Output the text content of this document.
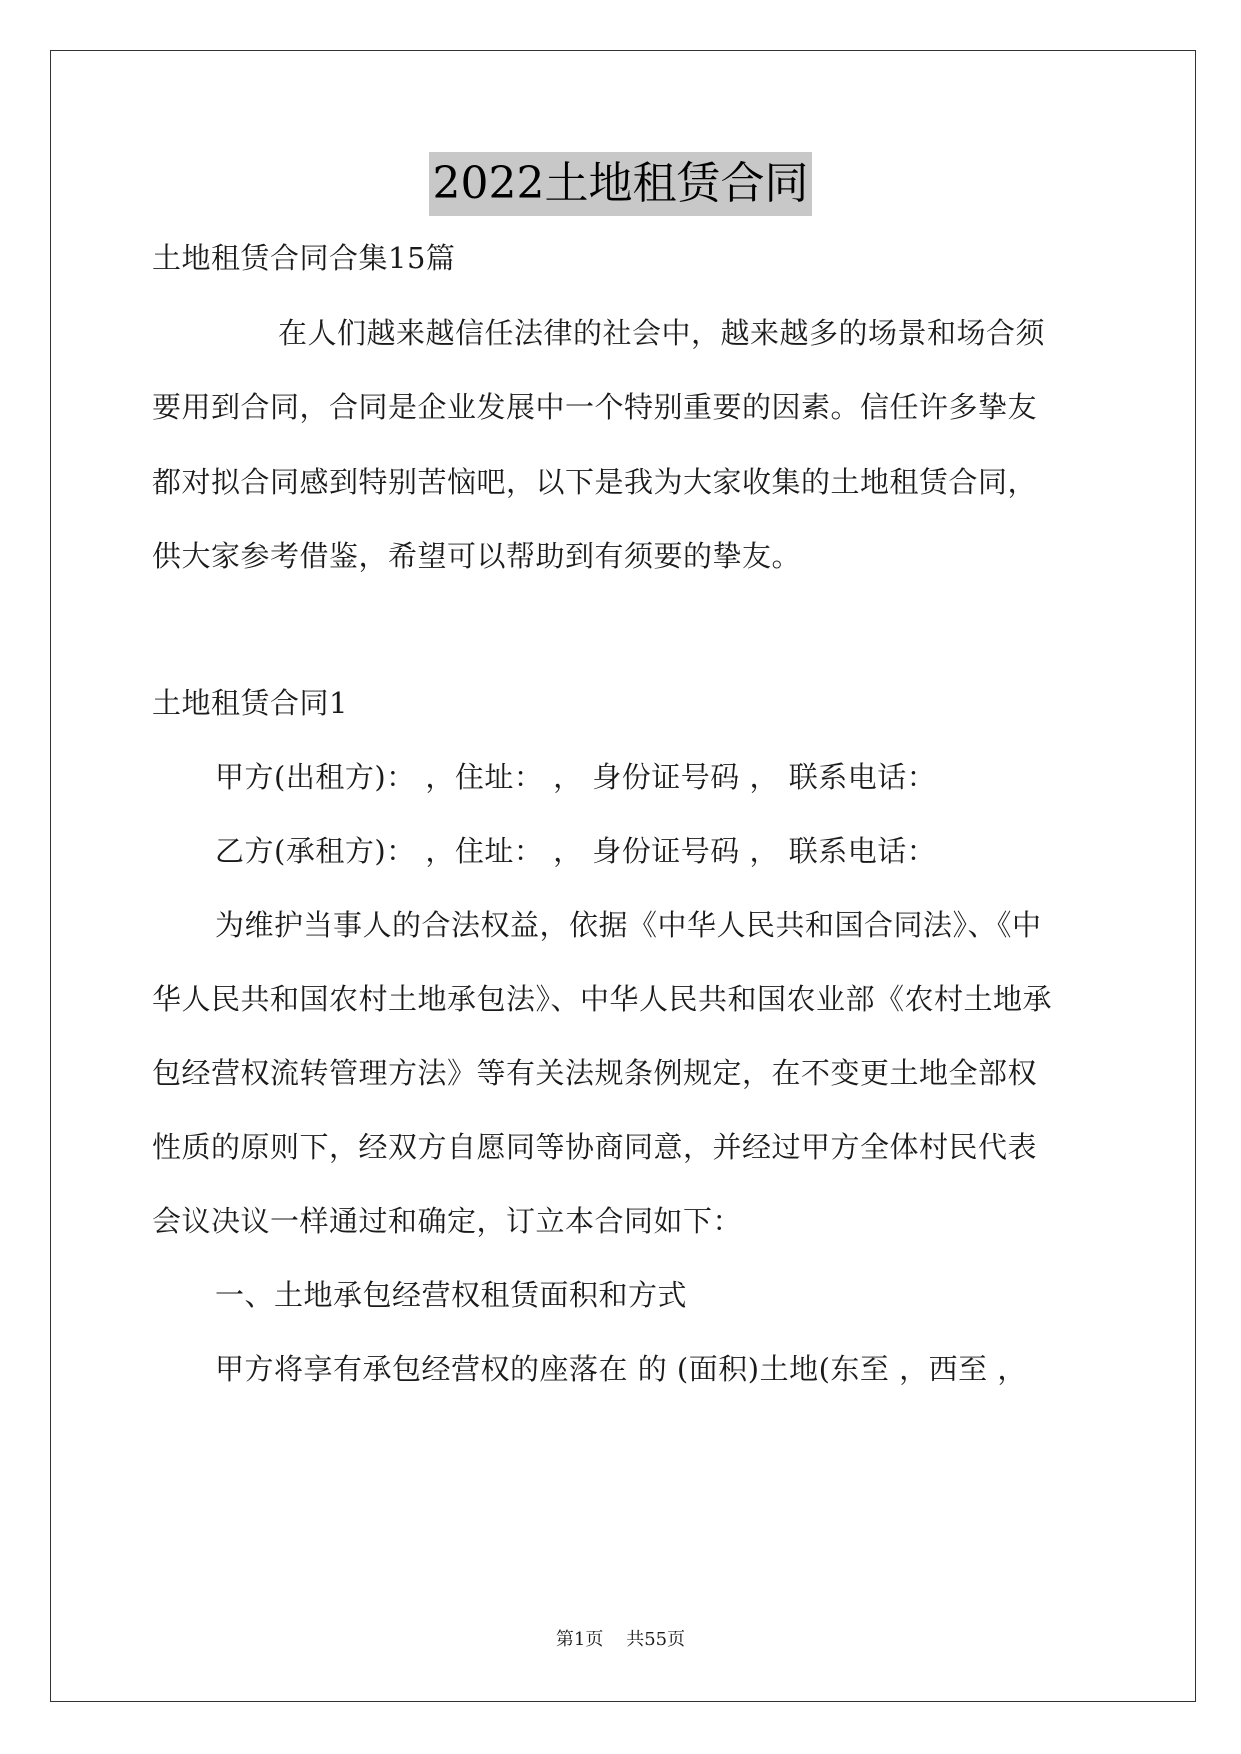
2022土地租赁合同
土地租赁合同合集15篇
在人们越来越信任法律的社会中，越来越多的场景和场合须
要用到合同，合同是企业发展中一个特别重要的因素。信任许多挚友
都对拟合同感到特别苦恼吧，以下是我为大家收集的土地租赁合同，
供大家参考借鉴，希望可以帮助到有须要的挚友。
土地租赁合同1
甲方(出租方)： ，住址： ， 身份证号码 ， 联系电话：
乙方(承租方)： ，住址： ， 身份证号码 ， 联系电话：
为维护当事人的合法权益，依据《中华人民共和国合同法》、《中
华人民共和国农村土地承包法》、中华人民共和国农业部《农村土地承
包经营权流转管理方法》等有关法规条例规定，在不变更土地全部权
性质的原则下，经双方自愿同等协商同意，并经过甲方全体村民代表
会议决议一样通过和确定，订立本合同如下：
一、土地承包经营权租赁面积和方式
甲方将享有承包经营权的座落在 的 (面积)土地(东至 ，西至 ，
第1页    共55页
